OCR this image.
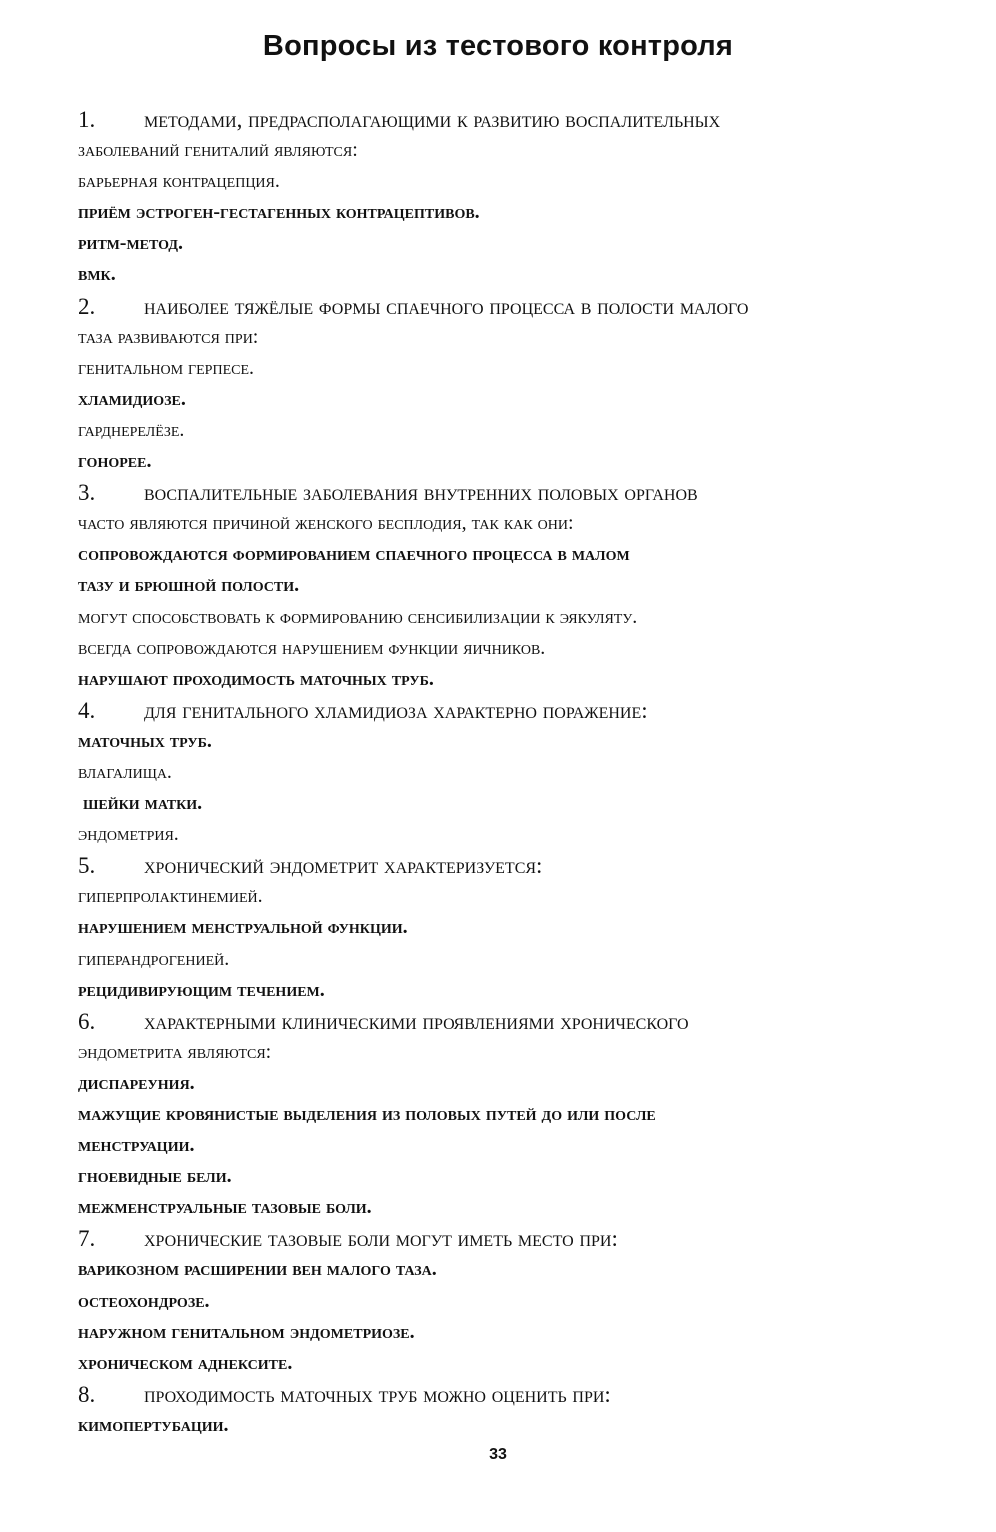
Вопросы из тестового контроля
1. методами, предрасполагающими к развитию воспалительных
заболеваний гениталий являются:
барьерная контрацепция.
приём эстроген-гестагенных контрацептивов.
ритм-метод.
вмк.
2. наиболее тяжёлые формы спаечного процесса в полости малого
таза развиваются при:
генитальном герпесе.
хламидиозе.
гарднерелёзе.
гонорее.
3. воспалительные заболевания внутренних половых органов
часто являются причиной женского бесплодия, так как они:
сопровождаются формированием спаечного процесса в малом
тазу и брюшной полости.
могут способствовать к формированию сенсибилизации к эякуляту.
всегда сопровождаются нарушением функции яичников.
нарушают проходимость маточных труб.
4. для генитального хламидиоза характерно поражение:
маточных труб.
влагалища.
шейки матки.
эндометрия.
5. хронический эндометрит характеризуется:
гиперпролактинемией.
нарушением менструальной функции.
гиперандрогенией.
рецидивирующим течением.
6. характерными клиническими проявлениями хронического
эндометрита являются:
диспареуния.
мажущие кровянистые выделения из половых путей до или после
менструации.
гноевидные бели.
межменструальные тазовые боли.
7. хронические тазовые боли могут иметь место при:
варикозном расширении вен малого таза.
остеохондрозе.
наружном генитальном эндометриозе.
хроническом аднексите.
8. проходимость маточных труб можно оценить при:
кимопертубации.
33
